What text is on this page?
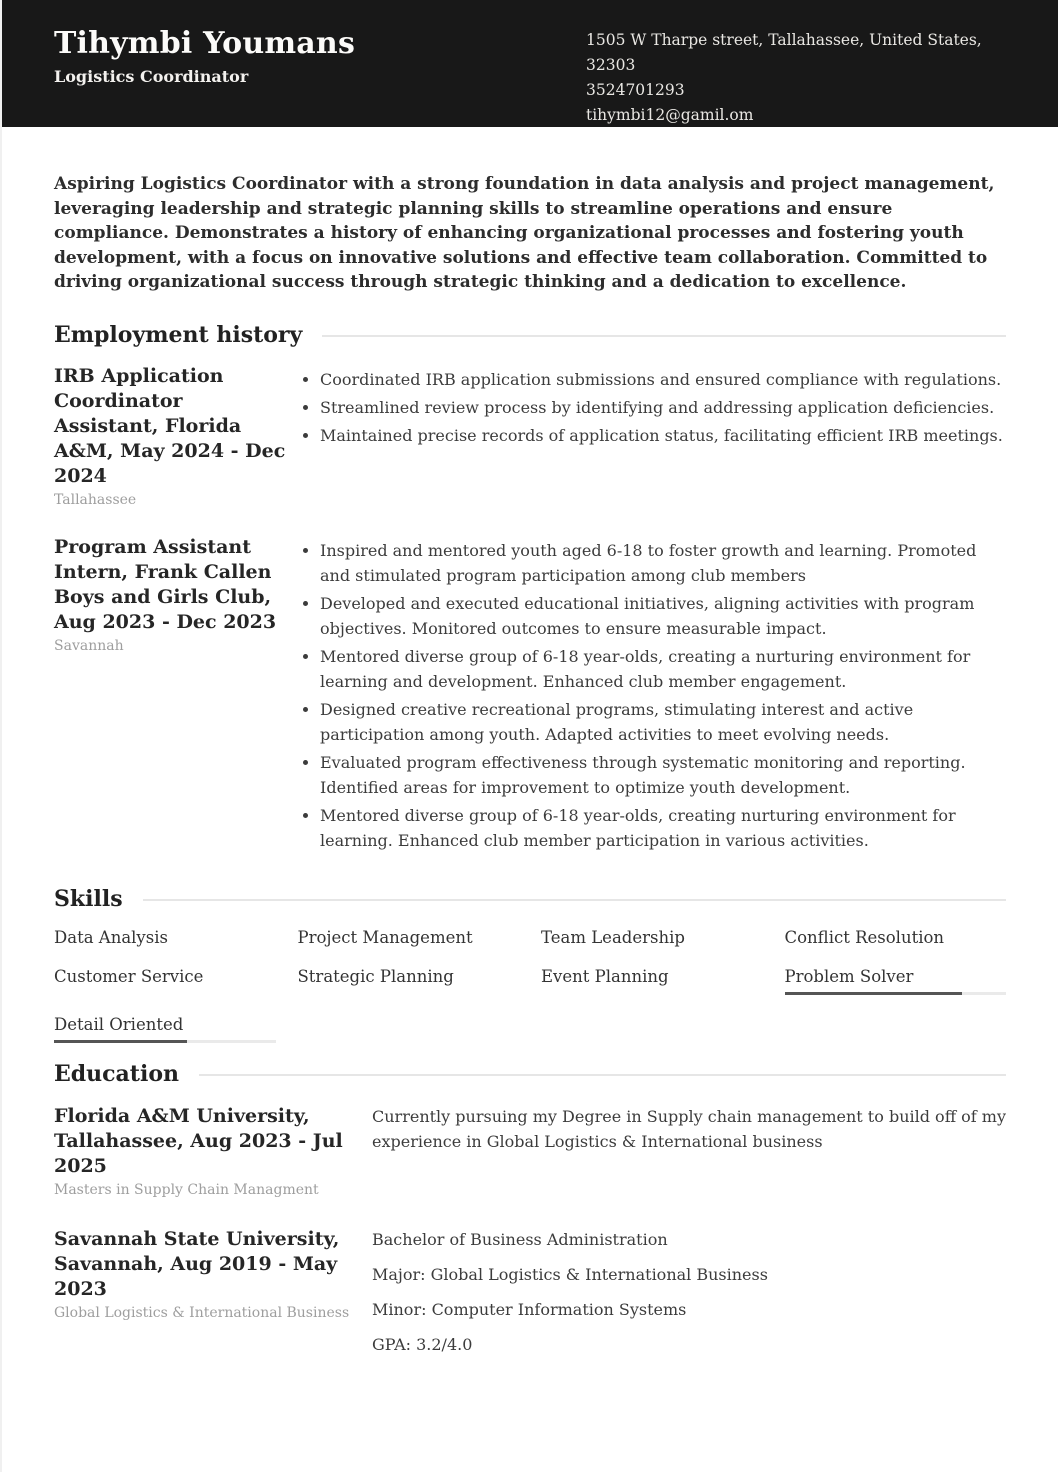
Tihymbi Youmans
Logistics Coordinator
1505 W Tharpe street, Tallahassee, United States, 32303
3524701293
tihymbi12@gamil.om

Aspiring Logistics Coordinator with a strong foundation in data analysis and project management, leveraging leadership and strategic planning skills to streamline operations and ensure compliance. Demonstrates a history of enhancing organizational processes and fostering youth development, with a focus on innovative solutions and effective team collaboration. Committed to driving organizational success through strategic thinking and a dedication to excellence.

Employment history
IRB Application Coordinator Assistant, Florida A&M, May 2024 - Dec 2024
Tallahassee
• Coordinated IRB application submissions and ensured compliance with regulations.
• Streamlined review process by identifying and addressing application deficiencies.
• Maintained precise records of application status, facilitating efficient IRB meetings.
Program Assistant Intern, Frank Callen Boys and Girls Club, Aug 2023 - Dec 2023
Savannah
• Inspired and mentored youth aged 6-18 to foster growth and learning. Promoted and stimulated program participation among club members
• Developed and executed educational initiatives, aligning activities with program objectives. Monitored outcomes to ensure measurable impact.
• Mentored diverse group of 6-18 year-olds, creating a nurturing environment for learning and development. Enhanced club member engagement.
• Designed creative recreational programs, stimulating interest and active participation among youth. Adapted activities to meet evolving needs.
• Evaluated program effectiveness through systematic monitoring and reporting. Identified areas for improvement to optimize youth development.
• Mentored diverse group of 6-18 year-olds, creating nurturing environment for learning. Enhanced club member participation in various activities.
Skills
Data Analysis	Project Management	Team Leadership	Conflict Resolution
Customer Service	Strategic Planning	Event Planning	Problem Solver
Detail Oriented
Education
Florida A&M University, Tallahassee, Aug 2023 - Jul 2025
Masters in Supply Chain Managment

Currently pursuing my Degree in Supply chain management to build off of my experience in Global Logistics & International business

Savannah State University, Savannah, Aug 2019 - May 2023
Global Logistics & International Business

Bachelor of Business Administration

Major: Global Logistics & International Business

Minor: Computer Information Systems

GPA: 3.2/4.0
